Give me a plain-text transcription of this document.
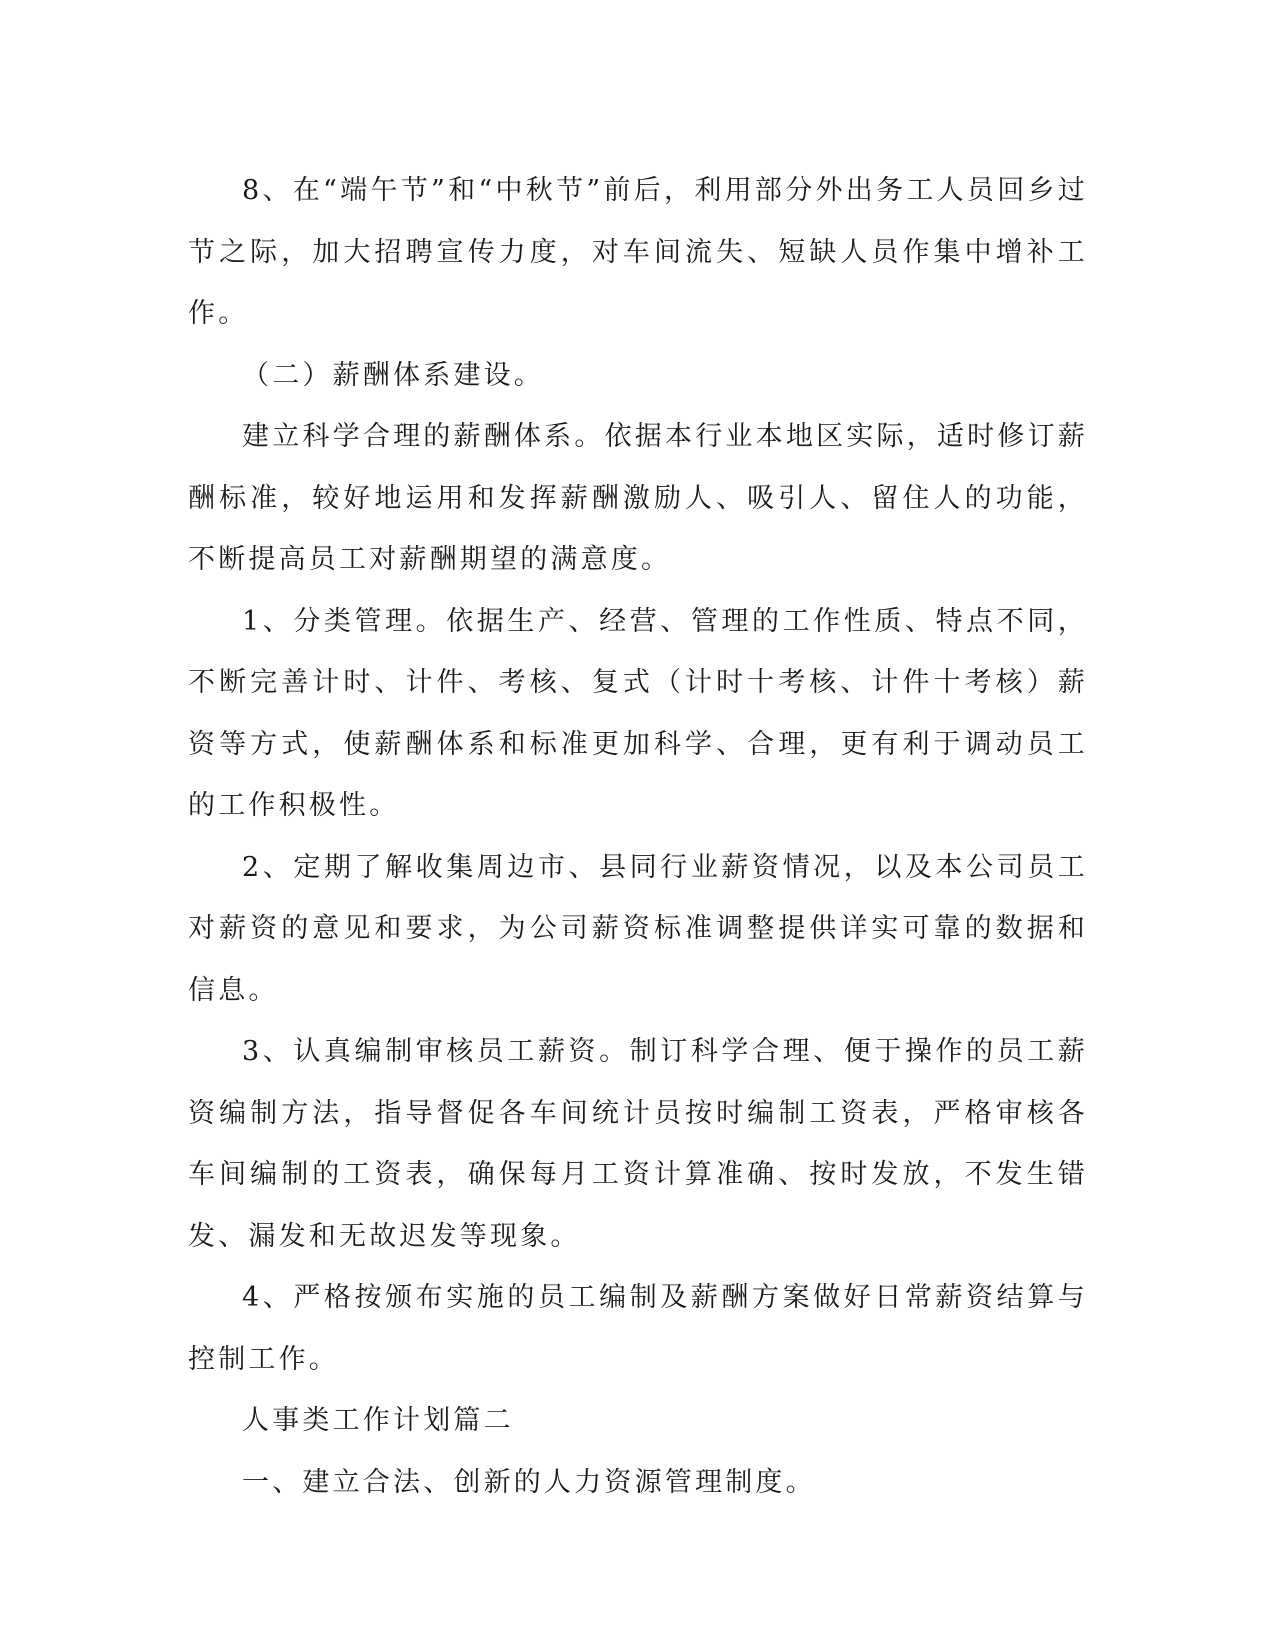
8、在“端午节”和“中秋节”前后，利用部分外出务工人员回乡过节之际，加大招聘宣传力度，对车间流失、短缺人员作集中增补工作。

（二）薪酬体系建设。

建立科学合理的薪酬体系。依据本行业本地区实际，适时修订薪酬标准，较好地运用和发挥薪酬激励人、吸引人、留住人的功能，不断提高员工对薪酬期望的满意度。

1、分类管理。依据生产、经营、管理的工作性质、特点不同，不断完善计时、计件、考核、复式（计时十考核、计件十考核）薪资等方式，使薪酬体系和标准更加科学、合理，更有利于调动员工的工作积极性。

2、定期了解收集周边市、县同行业薪资情况，以及本公司员工对薪资的意见和要求，为公司薪资标准调整提供详实可靠的数据和信息。

3、认真编制审核员工薪资。制订科学合理、便于操作的员工薪资编制方法，指导督促各车间统计员按时编制工资表，严格审核各车间编制的工资表，确保每月工资计算准确、按时发放，不发生错发、漏发和无故迟发等现象。

4、严格按颁布实施的员工编制及薪酬方案做好日常薪资结算与控制工作。

人事类工作计划篇二

一、建立合法、创新的人力资源管理制度。
